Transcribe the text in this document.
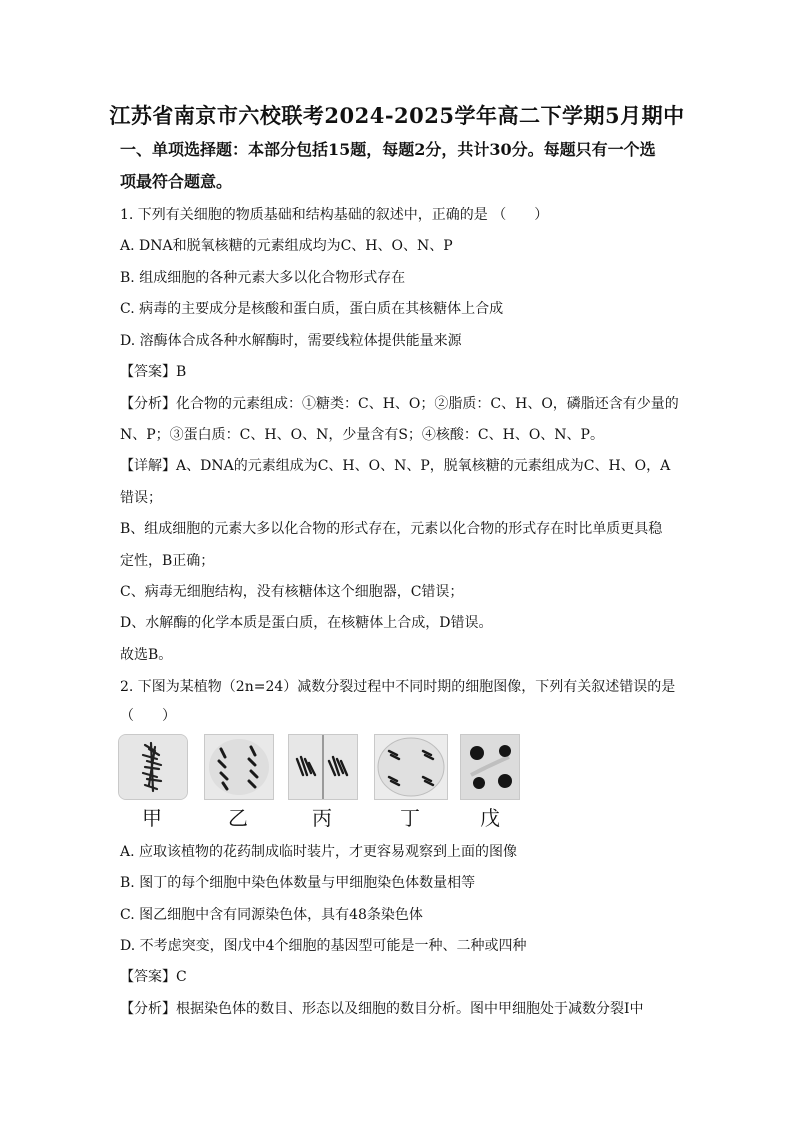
江苏省南京市六校联考2024-2025学年高二下学期5月期中
一、单项选择题：本部分包括15题，每题2分，共计30分。每题只有一个选
项最符合题意。
1. 下列有关细胞的物质基础和结构基础的叙述中，正确的是 （　　）
A. DNA和脱氧核糖的元素组成均为C、H、O、N、P
B. 组成细胞的各种元素大多以化合物形式存在
C. 病毒的主要成分是核酸和蛋白质，蛋白质在其核糖体上合成
D. 溶酶体合成各种水解酶时，需要线粒体提供能量来源
【答案】B
【分析】化合物的元素组成：①糖类：C、H、O；②脂质：C、H、O，磷脂还含有少量的
N、P；③蛋白质：C、H、O、N，少量含有S；④核酸：C、H、O、N、P。
【详解】A、DNA的元素组成为C、H、O、N、P，脱氧核糖的元素组成为C、H、O，A
错误；
B、组成细胞的元素大多以化合物的形式存在，元素以化合物的形式存在时比单质更具稳
定性，B正确；
C、病毒无细胞结构，没有核糖体这个细胞器，C错误；
D、水解酶的化学本质是蛋白质，在核糖体上合成，D错误。
故选B。
2. 下图为某植物（2n=24）减数分裂过程中不同时期的细胞图像，下列有关叙述错误的是
（　　）
甲	乙	丙	丁	戊
A. 应取该植物的花药制成临时装片，才更容易观察到上面的图像
B. 图丁的每个细胞中染色体数量与甲细胞染色体数量相等
C. 图乙细胞中含有同源染色体，具有48条染色体
D. 不考虑突变，图戊中4个细胞的基因型可能是一种、二种或四种
【答案】C
【分析】根据染色体的数目、形态以及细胞的数目分析。图中甲细胞处于减数分裂Ⅰ中
